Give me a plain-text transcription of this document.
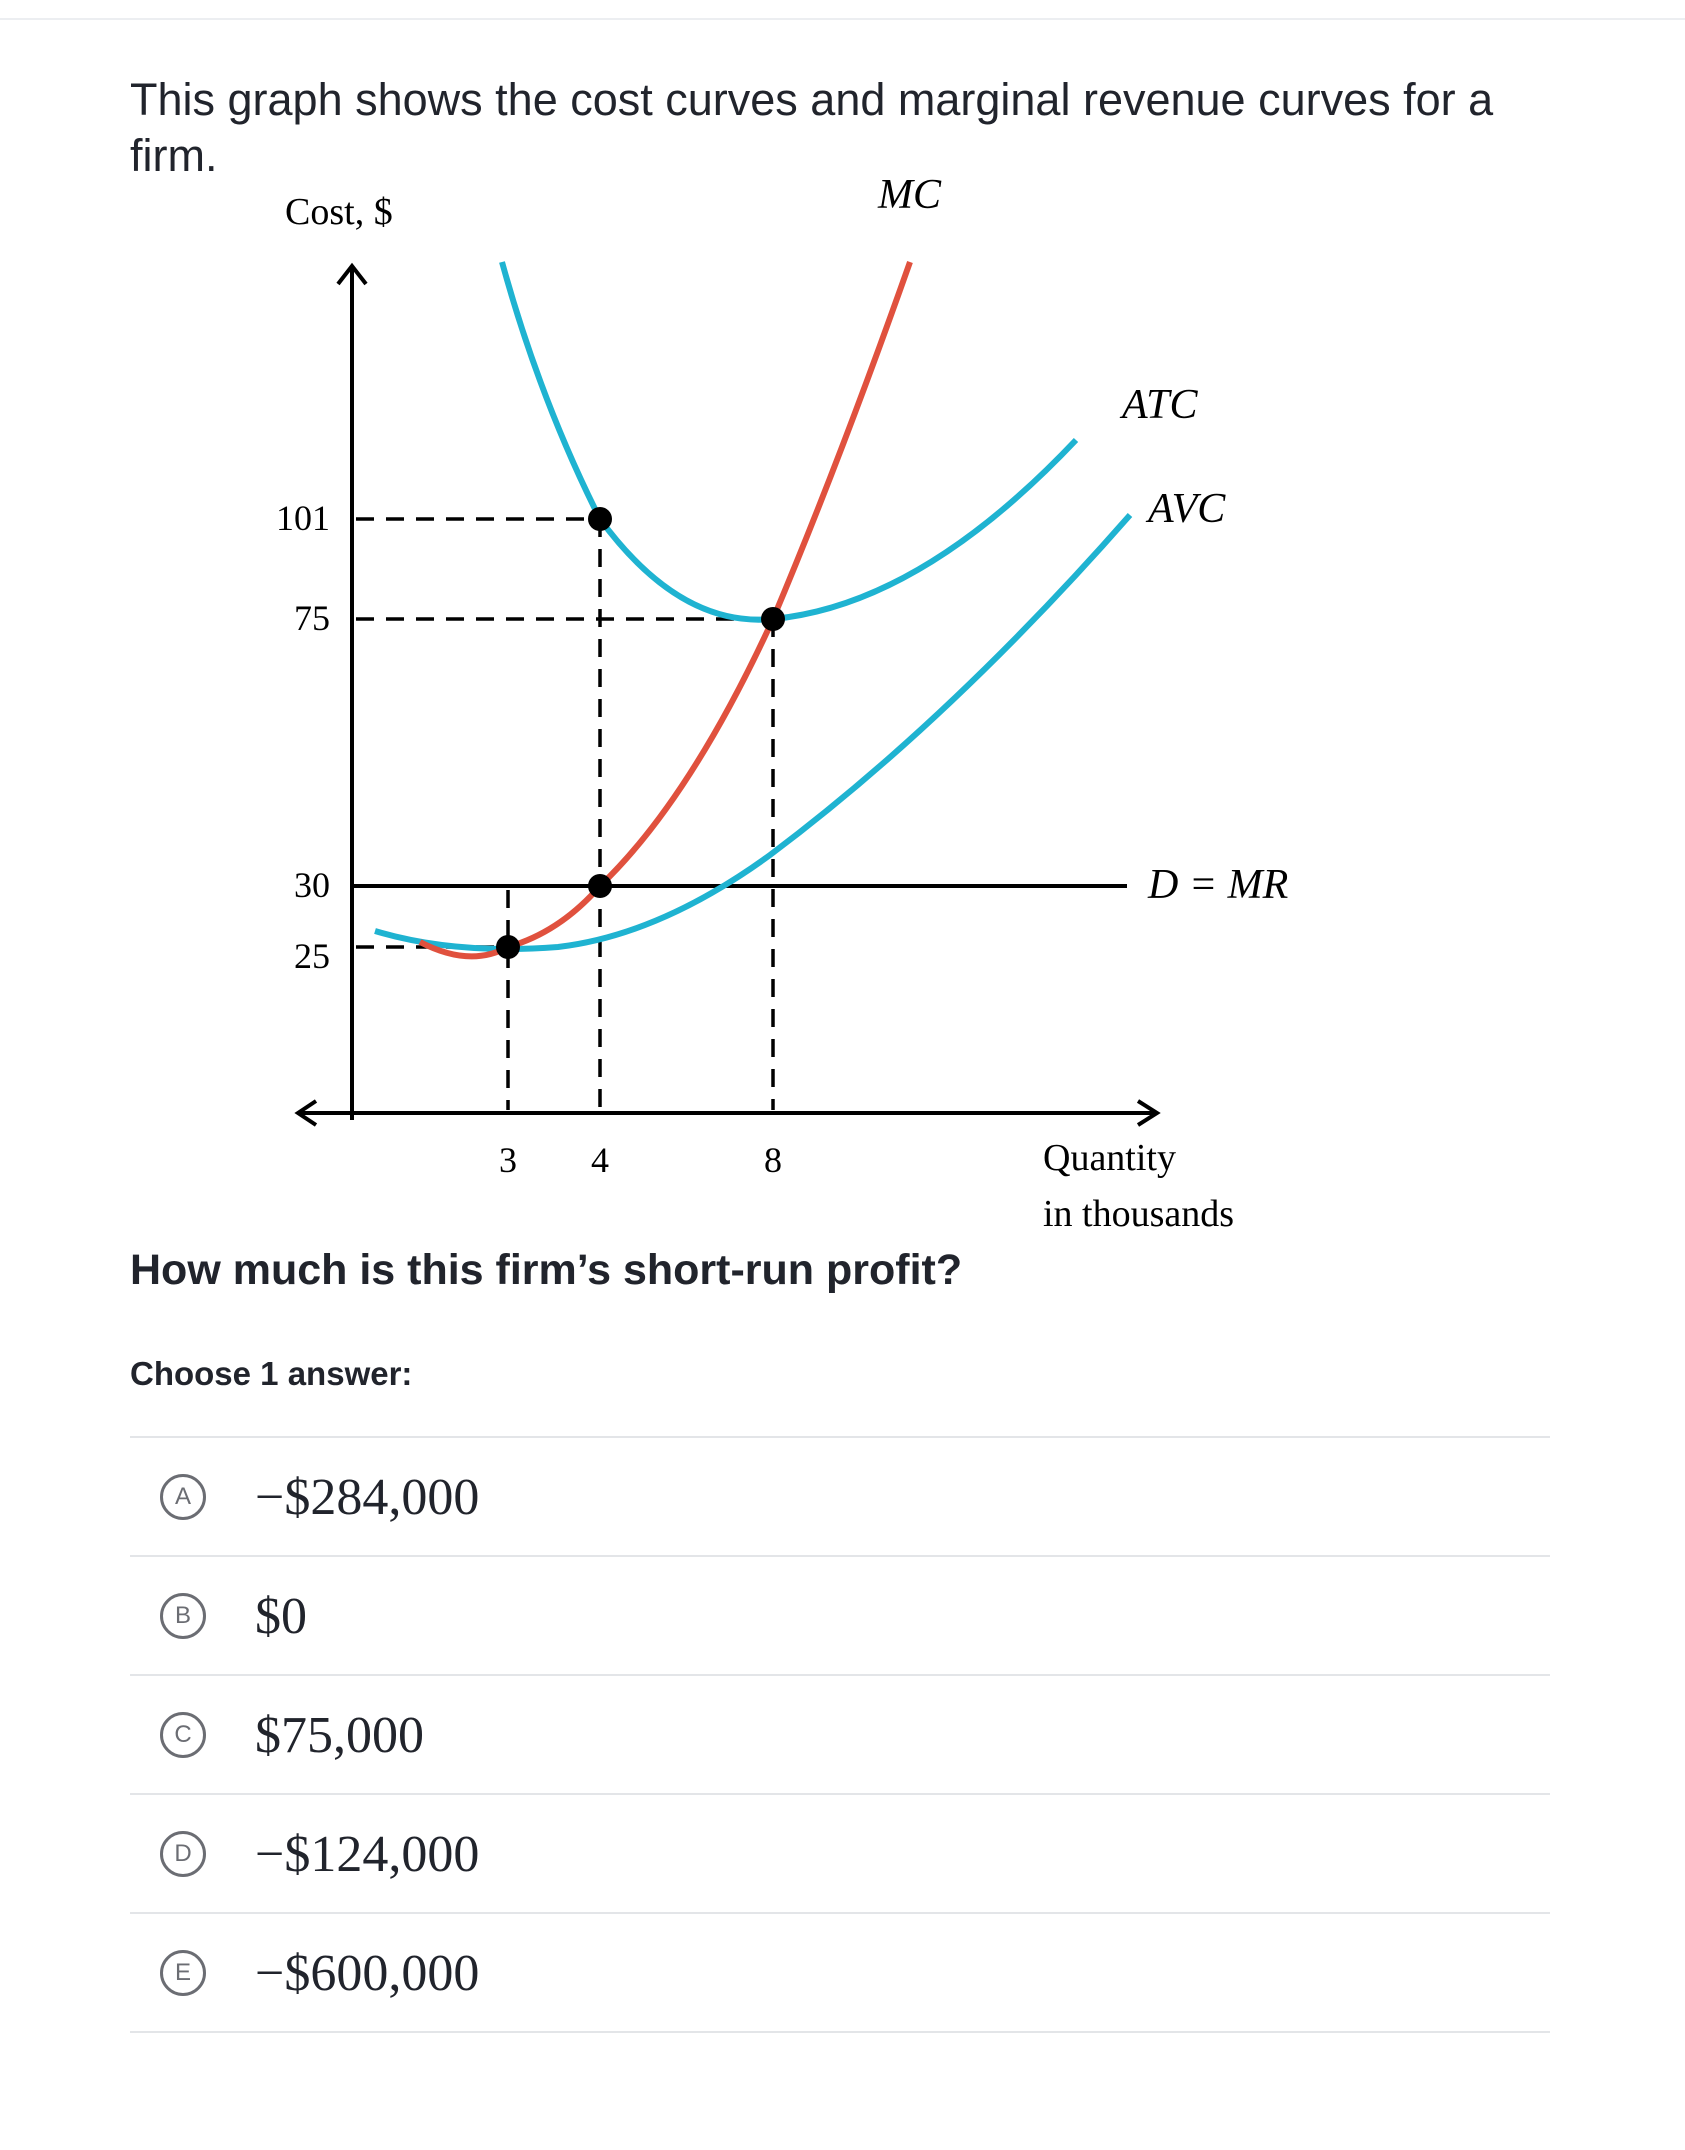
This graph shows the cost curves and marginal revenue curves for a firm.
Cost, $
101
75
30
25
3 4	8	Quantity
in thousands
MC
ATC
AVC
D = MR
How much is this firm’s short-run profit?
Choose 1 answer:
A −$284,000
B $0
C $75,000
D −$124,000
E −$600,000
